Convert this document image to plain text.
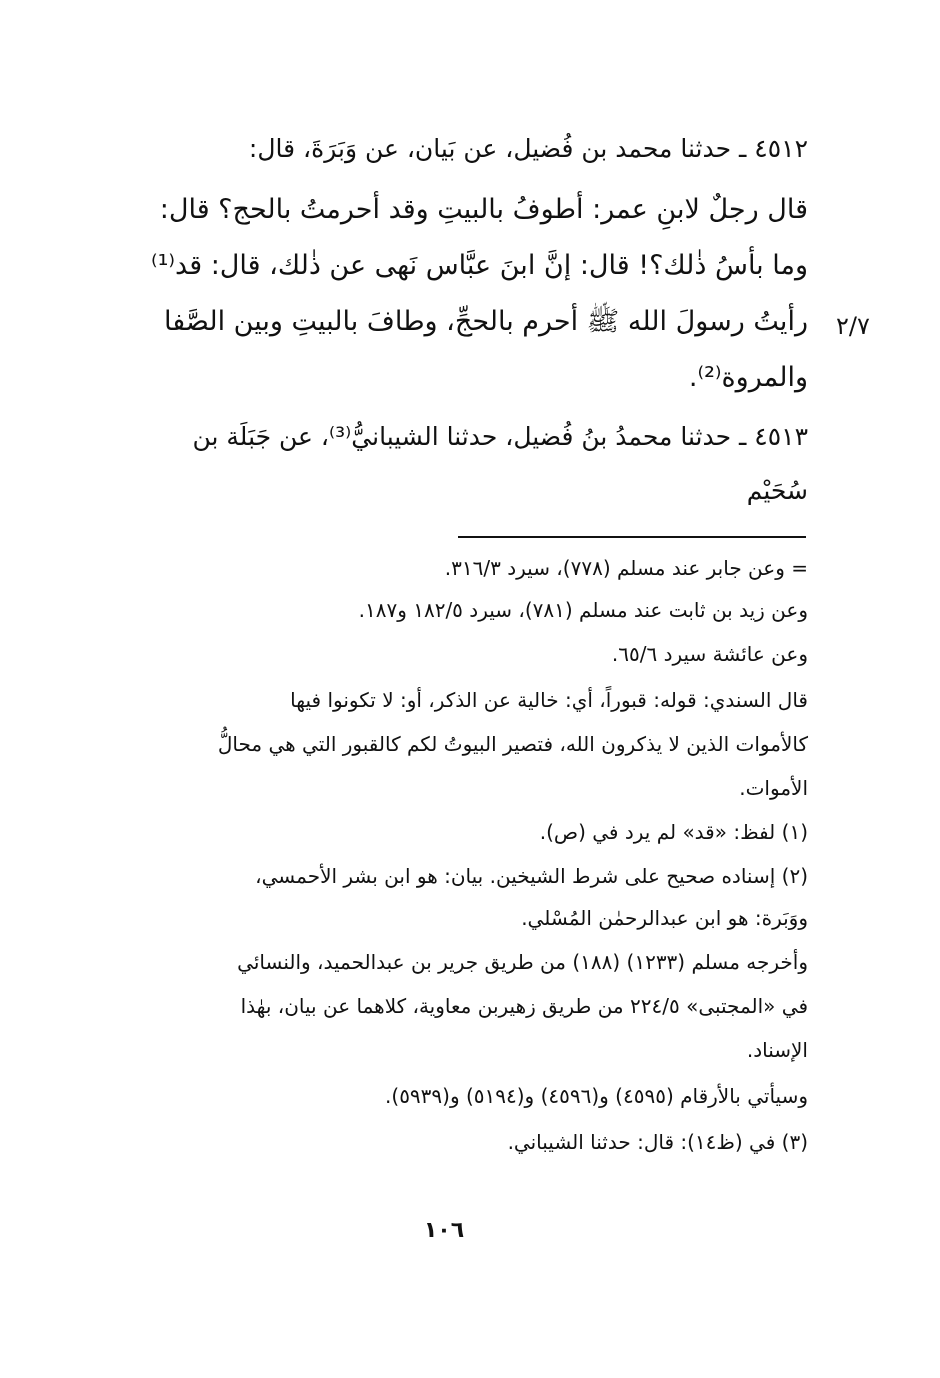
٤٥١٢ ـ حدثنا محمد بن فُضيل، عن بَيان، عن وَبَرَةَ، قال:

قال رجلٌ لابنِ عمر: أطوفُ بالبيتِ وقد أحرمتُ بالحج؟ قال:

وما بأسُ ذٰلك؟! قال: إنَّ ابنَ عبَّاس نَهى عن ذٰلك، قال: قد⁽¹⁾

رأيتُ رسولَ الله ﷺ أحرم بالحجِّ، وطافَ بالبيتِ وبين الصَّفا

والمروة⁽²⁾.

٢/٧

٤٥١٣ ـ حدثنا محمدُ بنُ فُضيل، حدثنا الشيبانيُّ⁽³⁾، عن جَبَلَة بن

سُحَيْم

= وعن جابر عند مسلم (٧٧٨)، سيرد ٣١٦/٣.

وعن زيد بن ثابت عند مسلم (٧٨١)، سيرد ١٨٢/٥ و١٨٧.

وعن عائشة سيرد ٦٥/٦.

قال السندي: قوله: قبوراً، أي: خالية عن الذكر، أو: لا تكونوا فيها

كالأموات الذين لا يذكرون الله، فتصير البيوتُ لكم كالقبور التي هي محالُّ

الأموات.

(١) لفظ: «قد» لم يرد في (ص).

(٢) إسناده صحيح على شرط الشيخين. بيان: هو ابن بشر الأحمسي،

ووَبَرة: هو ابن عبدالرحمٰن المُسْلي.

وأخرجه مسلم (١٢٣٣) (١٨٨) من طريق جرير بن عبدالحميد، والنسائي

في «المجتبى» ٢٢٤/٥ من طريق زهيربن معاوية، كلاهما عن بيان، بهٰذا

الإسناد.

وسيأتي بالأرقام (٤٥٩٥) و(٤٥٩٦) و(٥١٩٤) و(٥٩٣٩).

(٣) في (ظ١٤): قال: حدثنا الشيباني.

١٠٦
